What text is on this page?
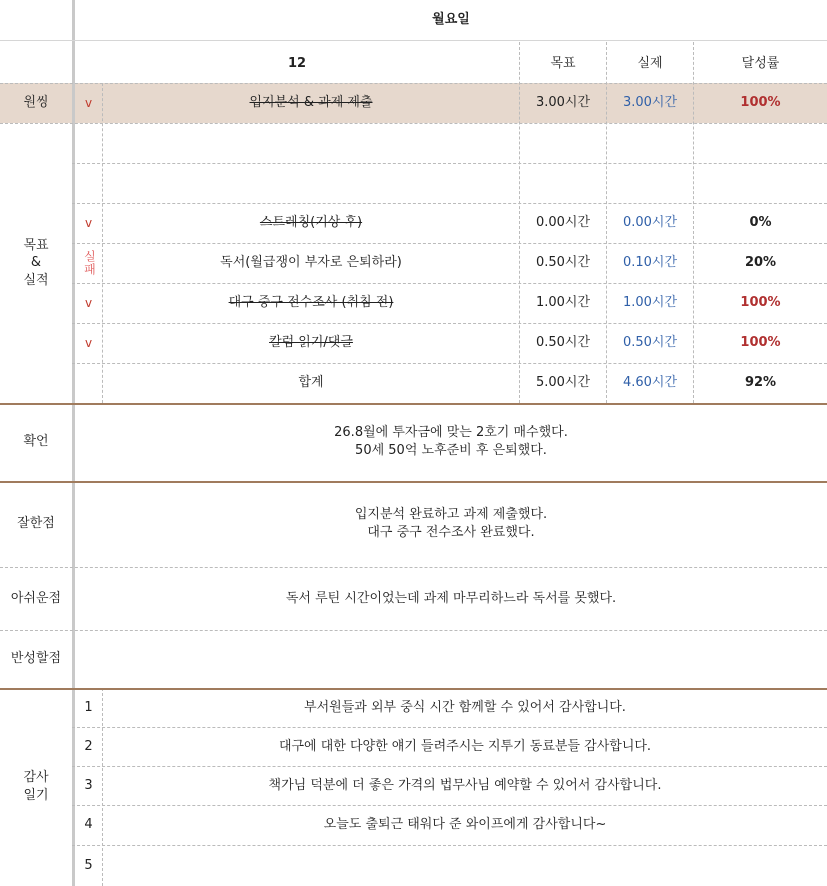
월요일
12	목표	실제	달성률
원씽	v	입지분석 & 과제 제출	3.00시간	3.00시간	100%
목표
&
실적
v	스트레칭(기상 후)	0.00시간	0.00시간	0%
실패	독서(월급쟁이 부자로 은퇴하라)	0.50시간	0.10시간	20%
v	대구 중구 전수조사 (취침 전)	1.00시간	1.00시간	100%
v	칼럼 읽기/댓글	0.50시간	0.50시간	100%
합계	5.00시간	4.60시간	92%
확언
26.8월에 투자금에 맞는 2호기 매수했다.
50세 50억 노후준비 후 은퇴했다.
잘한점
입지분석 완료하고 과제 제출했다.
대구 중구 전수조사 완료했다.
아쉬운점	독서 루틴 시간이었는데 과제 마무리하느라 독서를 못했다.
반성할점
감사
일기
1	부서원들과 외부 중식 시간 함께할 수 있어서 감사합니다.
2	대구에 대한 다양한 얘기 들려주시는 지투기 동료분들 감사합니다.
3	책가님 덕분에 더 좋은 가격의 법무사님 예약할 수 있어서 감사합니다.
4	오늘도 출퇴근 태워다 준 와이프에게 감사합니다~
5
